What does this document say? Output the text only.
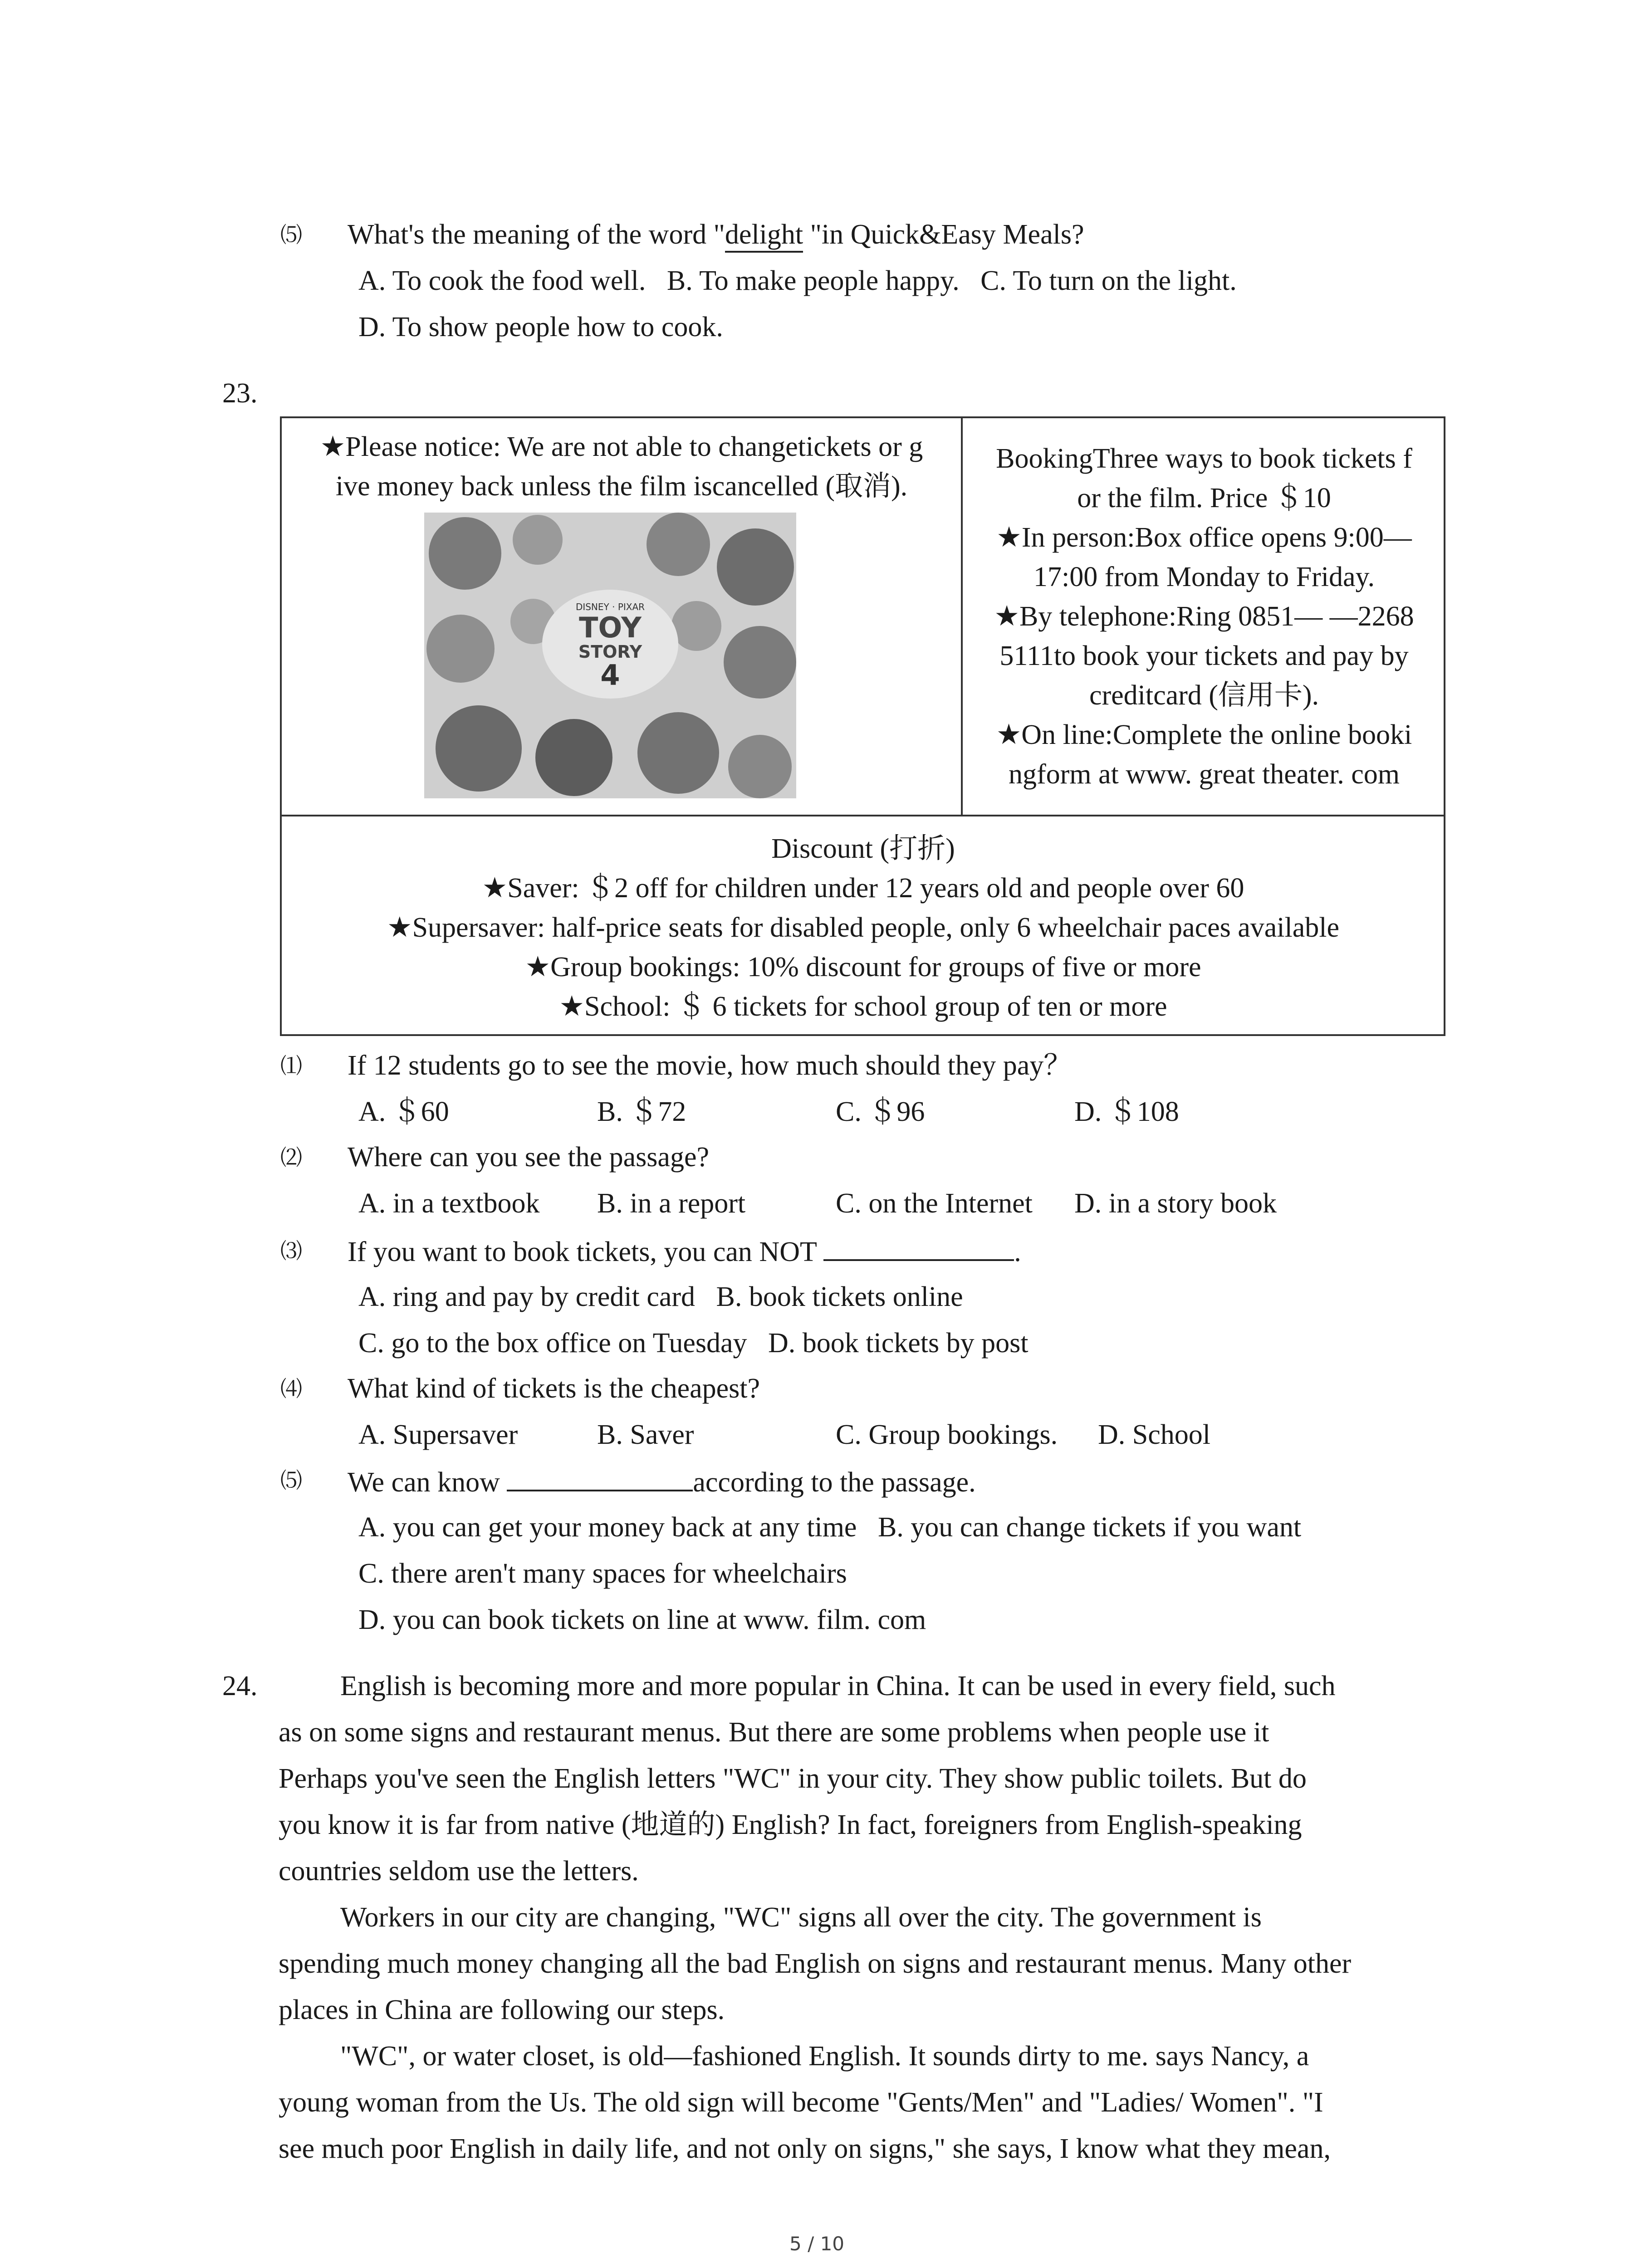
⑸ What's the meaning of the word "delight "in Quick&Easy Meals?
A. To cook the food well.   B. To make people happy.   C. To turn on the light.
D. To show people how to cook.
23.
★Please notice: We are not able to changetickets or g
ive money back unless the film iscancelled (取消).
DISNEY · PIXAR
TOY
STORY
4
BookingThree ways to book tickets f
or the film. Price ＄10
★In person:Box office opens 9:00—
17:00 from Monday to Friday.
★By telephone:Ring 0851— —2268
5111to book your tickets and pay by
creditcard (信用卡).
★On line:Complete the online booki
ngform at www. great theater. com
Discount (打折)
★Saver: ＄2 off for children under 12 years old and people over 60
★Supersaver: half-price seats for disabled people, only 6 wheelchair paces available
★Group bookings: 10% discount for groups of five or more
★School: ＄ 6 tickets for school group of ten or more
⑴ If 12 students go to see the movie, how much should they pay？
A. ＄60	B. ＄72	C. ＄96	D. ＄108
⑵ Where can you see the passage?
A. in a textbook B. in a report	C. on the Internet D. in a story book
⑶ If you want to book tickets, you can NOT	.
A. ring and pay by credit card   B. book tickets online
C. go to the box office on Tuesday   D. book tickets by post
⑷ What kind of tickets is the cheapest?
A. Supersaver	B. Saver	C. Group bookings. D. School
⑸ We can know	according to the passage.
A. you can get your money back at any time   B. you can change tickets if you want
C. there aren't many spaces for wheelchairs
D. you can book tickets on line at www. film. com
24.	English is becoming more and more popular in China. It can be used in every field, such
as on some signs and restaurant menus. But there are some problems when people use it
Perhaps you've seen the English letters "WC" in your city. They show public toilets. But do
you know it is far from native (地道的) English? In fact, foreigners from English-speaking
countries seldom use the letters.
Workers in our city are changing, "WC" signs all over the city. The government is
spending much money changing all the bad English on signs and restaurant menus. Many other
places in China are following our steps.
"WC", or water closet, is old—fashioned English. It sounds dirty to me. says Nancy, a
young woman from the Us. The old sign will become "Gents/Men" and "Ladies/ Women". "I
see much poor English in daily life, and not only on signs," she says, I know what they mean,
5 / 10
